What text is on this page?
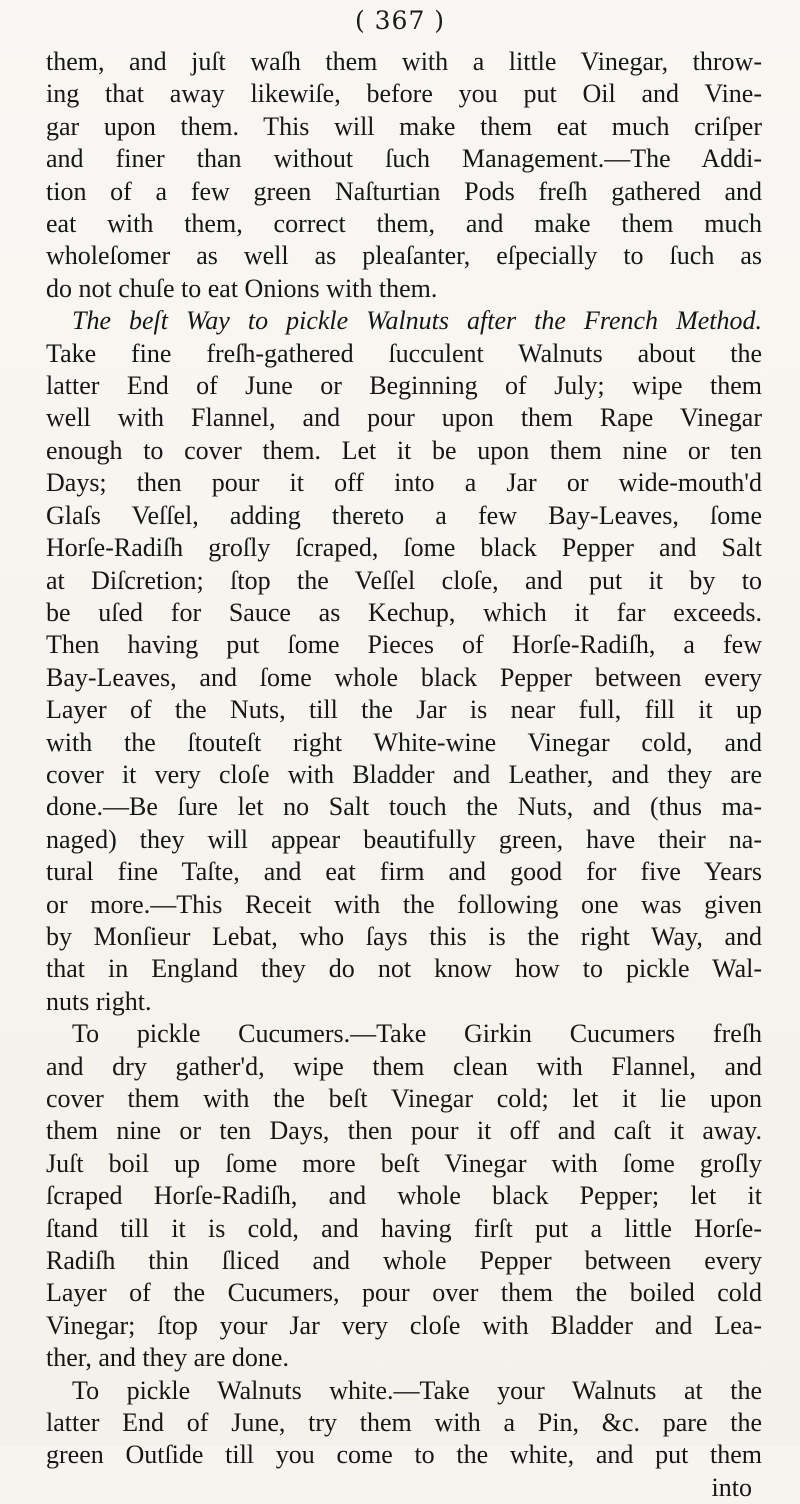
( 367 )
them, and juſt waſh them with a little Vinegar, throw-
ing that away likewiſe, before you put Oil and Vine-
gar upon them. This will make them eat much criſper
and finer than without ſuch Management.—The Addi-
tion of a few green Naſturtian Pods freſh gathered and
eat with them, correct them, and make them much
wholeſomer as well as pleaſanter, eſpecially to ſuch as
do not chuſe to eat Onions with them.
The beſt Way to pickle Walnuts after the French Method.
Take fine freſh-gathered ſucculent Walnuts about the
latter End of June or Beginning of July; wipe them
well with Flannel, and pour upon them Rape Vinegar
enough to cover them. Let it be upon them nine or ten
Days; then pour it off into a Jar or wide-mouth'd
Glaſs Veſſel, adding thereto a few Bay-Leaves, ſome
Horſe-Radiſh groſly ſcraped, ſome black Pepper and Salt
at Diſcretion; ſtop the Veſſel cloſe, and put it by to
be uſed for Sauce as Kechup, which it far exceeds.
Then having put ſome Pieces of Horſe-Radiſh, a few
Bay-Leaves, and ſome whole black Pepper between every
Layer of the Nuts, till the Jar is near full, fill it up
with the ſtouteſt right White-wine Vinegar cold, and
cover it very cloſe with Bladder and Leather, and they are
done.—Be ſure let no Salt touch the Nuts, and (thus ma-
naged) they will appear beautifully green, have their na-
tural fine Taſte, and eat firm and good for five Years
or more.—This Receit with the following one was given
by Monſieur Lebat, who ſays this is the right Way, and
that in England they do not know how to pickle Wal-
nuts right.
To pickle Cucumers.—Take Girkin Cucumers freſh
and dry gather'd, wipe them clean with Flannel, and
cover them with the beſt Vinegar cold; let it lie upon
them nine or ten Days, then pour it off and caſt it away.
Juſt boil up ſome more beſt Vinegar with ſome groſly
ſcraped Horſe-Radiſh, and whole black Pepper; let it
ſtand till it is cold, and having firſt put a little Horſe-
Radiſh thin ſliced and whole Pepper between every
Layer of the Cucumers, pour over them the boiled cold
Vinegar; ſtop your Jar very cloſe with Bladder and Lea-
ther, and they are done.
To pickle Walnuts white.—Take your Walnuts at the
latter End of June, try them with a Pin, &c. pare the
green Outſide till you come to the white, and put them
into
